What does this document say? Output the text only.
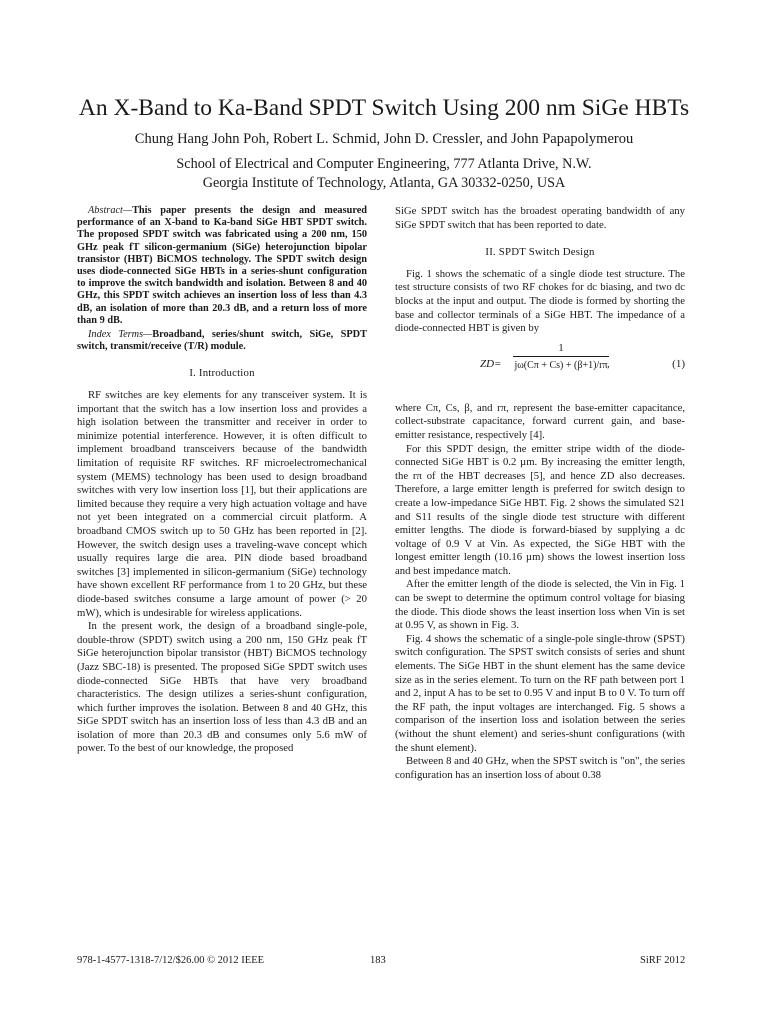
An X-Band to Ka-Band SPDT Switch Using 200 nm SiGe HBTs
Chung Hang John Poh, Robert L. Schmid, John D. Cressler, and John Papapolymerou
School of Electrical and Computer Engineering, 777 Atlanta Drive, N.W.
Georgia Institute of Technology, Atlanta, GA 30332-0250, USA

Abstract—This paper presents the design and measured performance of an X-band to Ka-band SiGe HBT SPDT switch. The proposed SPDT switch was fabricated using a 200 nm, 150 GHz peak fT silicon-germanium (SiGe) heterojunction bipolar transistor (HBT) BiCMOS technology. The SPDT switch design uses diode-connected SiGe HBTs in a series-shunt configuration to improve the switch bandwidth and isolation. Between 8 and 40 GHz, this SPDT switch achieves an insertion loss of less than 4.3 dB, an isolation of more than 20.3 dB, and a return loss of more than 9 dB.

Index Terms—Broadband, series/shunt switch, SiGe, SPDT switch, transmit/receive (T/R) module.

I. Introduction

RF switches are key elements for any transceiver system. It is important that the switch has a low insertion loss and provides a high isolation between the transmitter and receiver in order to minimize potential interference. However, it is often difficult to implement broadband transceivers because of the bandwidth limitation of requisite RF switches. RF microelectromechanical system (MEMS) technology has been used to design broadband switches with very low insertion loss [1], but their applications are limited because they require a very high actuation voltage and have not yet been integrated on a commercial circuit platform. A broadband CMOS switch up to 50 GHz has been reported in [2]. However, the switch design uses a traveling-wave concept which usually requires large die area. PIN diode based broadband switches [3] implemented in silicon-germanium (SiGe) technology have shown excellent RF performance from 1 to 20 GHz, but these diode-based switches consume a large amount of power (> 20 mW), which is undesirable for wireless applications.

In the present work, the design of a broadband single-pole, double-throw (SPDT) switch using a 200 nm, 150 GHz peak fT SiGe heterojunction bipolar transistor (HBT) BiCMOS technology (Jazz SBC-18) is presented. The proposed SiGe SPDT switch uses diode-connected SiGe HBTs that have very broadband characteristics. The design utilizes a series-shunt configuration, which further improves the isolation. Between 8 and 40 GHz, this SiGe SPDT switch has an insertion loss of less than 4.3 dB and an isolation of more than 20.3 dB and consumes only 5.6 mW of power. To the best of our knowledge, the proposed

SiGe SPDT switch has the broadest operating bandwidth of any SiGe SPDT switch that has been reported to date.

II. SPDT Switch Design

Fig. 1 shows the schematic of a single diode test structure. The test structure consists of two RF chokes for dc biasing, and two dc blocks at the input and output. The diode is formed by shorting the base and collector terminals of a SiGe HBT. The impedance of a diode-connected HBT is given by

$ZD= \frac{1}{j\omega(C\pi + Cs) + (\beta+1)/r\pi}$
,	(1)

where Cπ, Cs, β, and rπ, represent the base-emitter capacitance, collect-substrate capacitance, forward current gain, and base-emitter resistance, respectively [4].

For this SPDT design, the emitter stripe width of the diode-connected SiGe HBT is 0.2 µm. By increasing the emitter length, the rπ of the HBT decreases [5], and hence ZD also decreases. Therefore, a large emitter length is preferred for switch design to create a low-impedance SiGe HBT. Fig. 2 shows the simulated S21 and S11 results of the single diode test structure with different emitter lengths. The diode is forward-biased by supplying a dc voltage of 0.9 V at Vin. As expected, the SiGe HBT with the longest emitter length (10.16 µm) shows the lowest insertion loss and best impedance match.

After the emitter length of the diode is selected, the Vin in Fig. 1 can be swept to determine the optimum control voltage for biasing the diode. This diode shows the least insertion loss when Vin is set at 0.95 V, as shown in Fig. 3.

Fig. 4 shows the schematic of a single-pole single-throw (SPST) switch configuration. The SPST switch consists of series and shunt elements. The SiGe HBT in the shunt element has the same device size as in the series element. To turn on the RF path between port 1 and 2, input A has to be set to 0.95 V and input B to 0 V. To turn off the RF path, the input voltages are interchanged. Fig. 5 shows a comparison of the insertion loss and isolation between the series (without the shunt element) and series-shunt configurations (with the shunt element).

Between 8 and 40 GHz, when the SPST switch is "on", the series configuration has an insertion loss of about 0.38

978-1-4577-1318-7/12/$26.00 © 2012 IEEE	183	SiRF 2012
